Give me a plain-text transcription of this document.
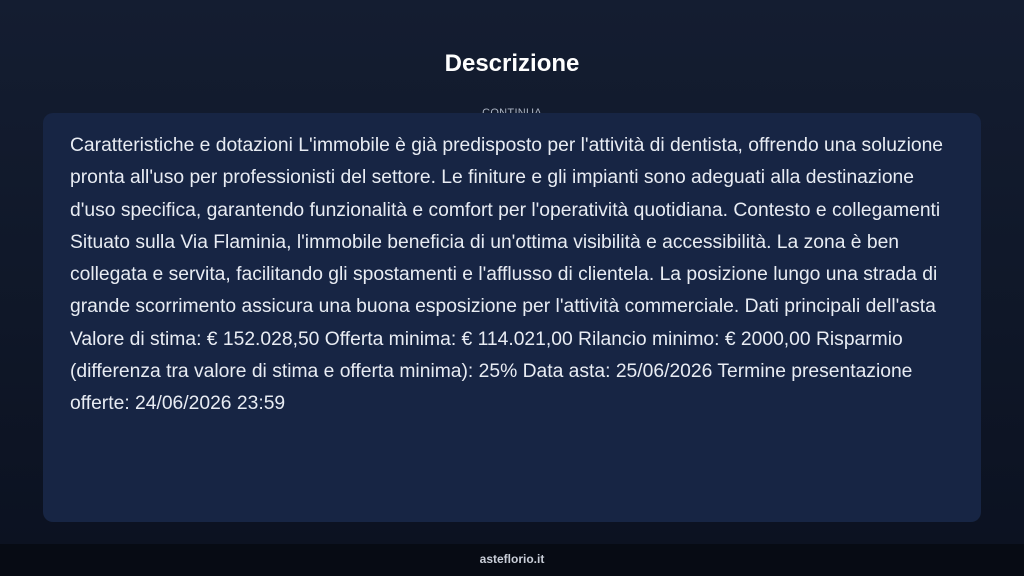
Descrizione

Caratteristiche e dotazioni L'immobile è già predisposto per l'attività di dentista, offrendo una soluzione pronta all'uso per professionisti del settore. Le finiture e gli impianti sono adeguati alla destinazione d'uso specifica, garantendo funzionalità e comfort per l'operatività quotidiana. Contesto e collegamenti Situato sulla Via Flaminia, l'immobile beneficia di un'ottima visibilità e accessibilità. La zona è ben collegata e servita, facilitando gli spostamenti e l'afflusso di clientela. La posizione lungo una strada di grande scorrimento assicura una buona esposizione per l'attività commerciale. Dati principali dell'asta Valore di stima: € 152.028,50 Offerta minima: € 114.021,00 Rilancio minimo: € 2000,00 Risparmio (differenza tra valore di stima e offerta minima): 25% Data asta: 25/06/2026 Termine presentazione offerte: 24/06/2026 23:59

asteflorio.it
